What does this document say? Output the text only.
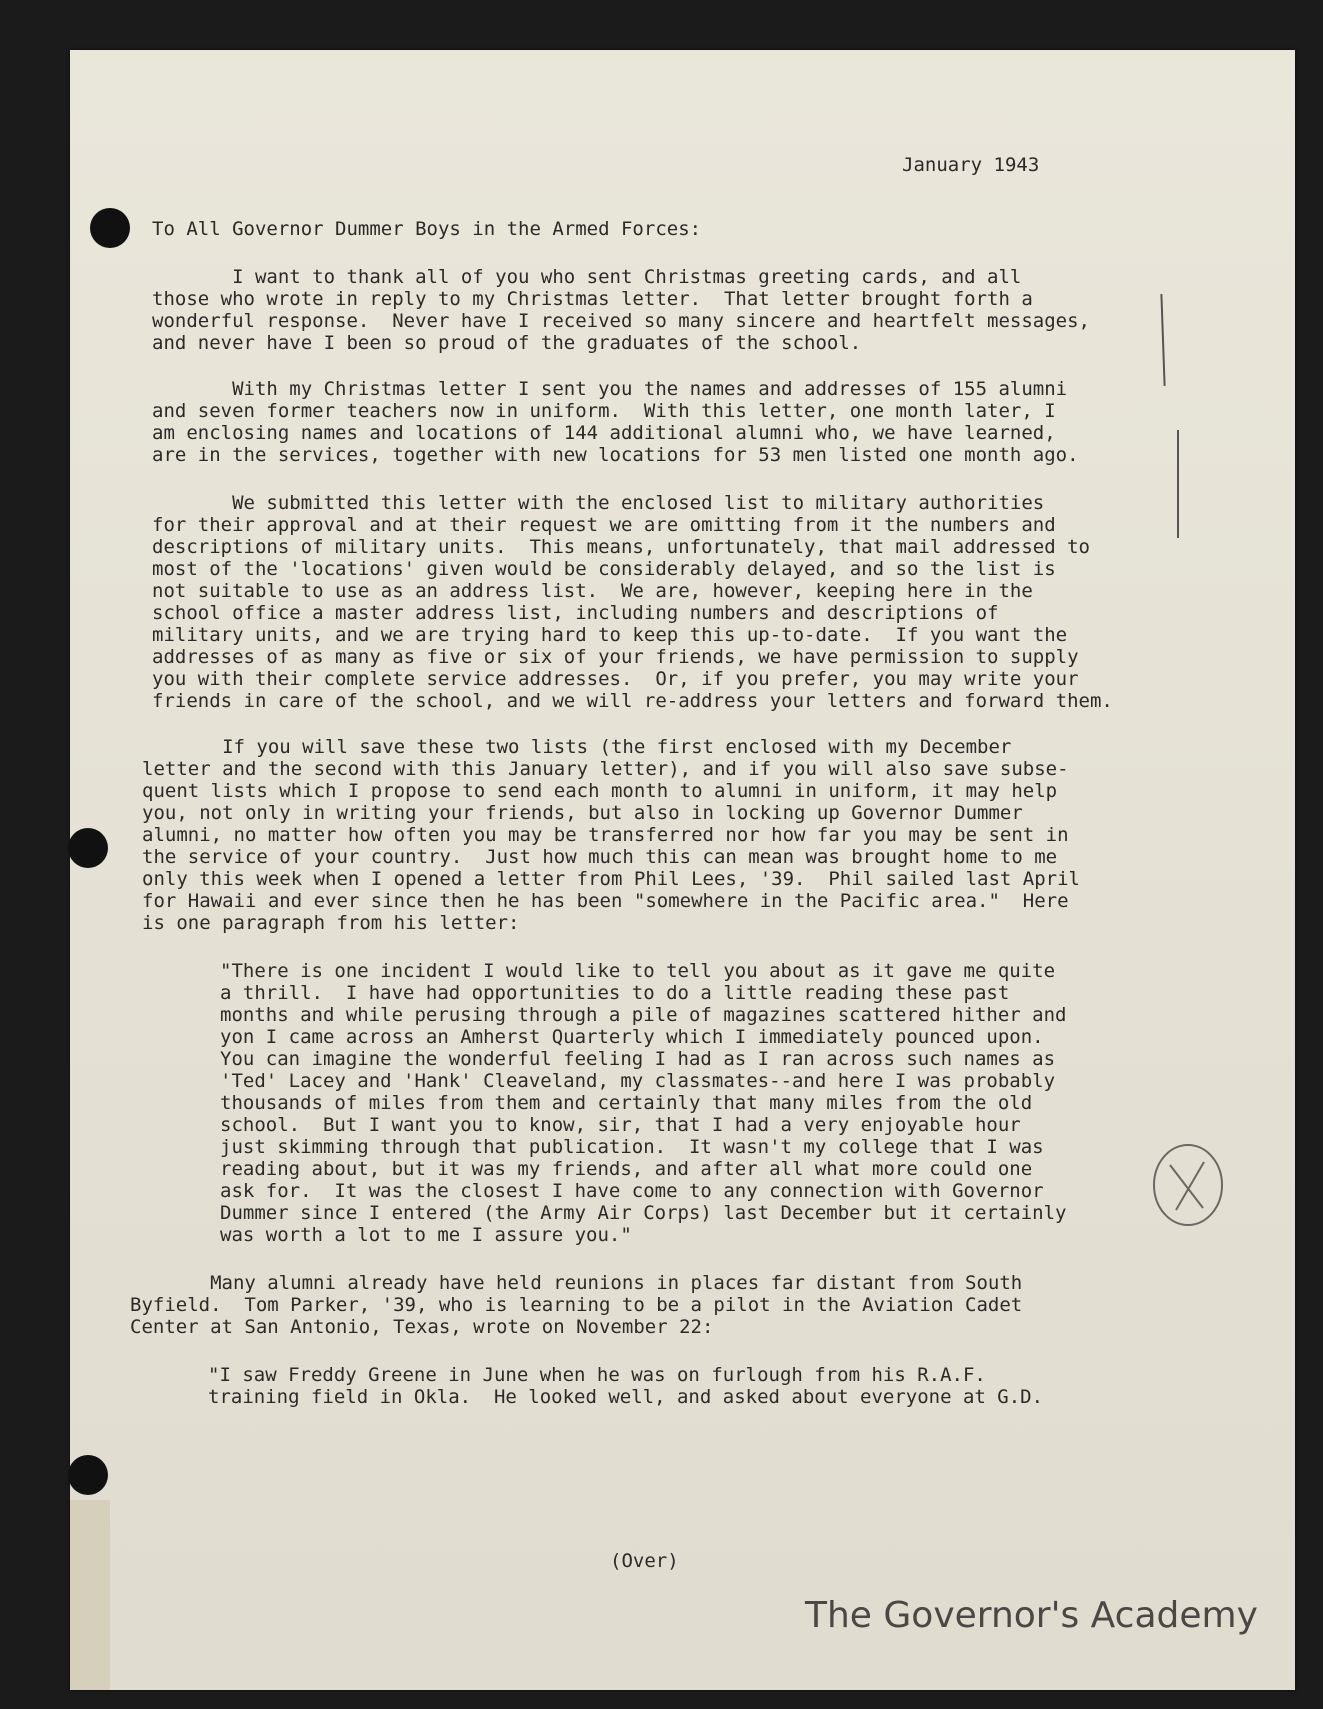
January 1943
To All Governor Dummer Boys in the Armed Forces:
I want to thank all of you who sent Christmas greeting cards, and all
those who wrote in reply to my Christmas letter.  That letter brought forth a
wonderful response.  Never have I received so many sincere and heartfelt messages,
and never have I been so proud of the graduates of the school.
With my Christmas letter I sent you the names and addresses of 155 alumni
and seven former teachers now in uniform.  With this letter, one month later, I
am enclosing names and locations of 144 additional alumni who, we have learned,
are in the services, together with new locations for 53 men listed one month ago.
We submitted this letter with the enclosed list to military authorities
for their approval and at their request we are omitting from it the numbers and
descriptions of military units.  This means, unfortunately, that mail addressed to
most of the 'locations' given would be considerably delayed, and so the list is
not suitable to use as an address list.  We are, however, keeping here in the
school office a master address list, including numbers and descriptions of
military units, and we are trying hard to keep this up-to-date.  If you want the
addresses of as many as five or six of your friends, we have permission to supply
you with their complete service addresses.  Or, if you prefer, you may write your
friends in care of the school, and we will re-address your letters and forward them.
If you will save these two lists (the first enclosed with my December
letter and the second with this January letter), and if you will also save subse-
quent lists which I propose to send each month to alumni in uniform, it may help
you, not only in writing your friends, but also in locking up Governor Dummer
alumni, no matter how often you may be transferred nor how far you may be sent in
the service of your country.  Just how much this can mean was brought home to me
only this week when I opened a letter from Phil Lees, '39.  Phil sailed last April
for Hawaii and ever since then he has been "somewhere in the Pacific area."  Here
is one paragraph from his letter:
"There is one incident I would like to tell you about as it gave me quite
a thrill.  I have had opportunities to do a little reading these past
months and while perusing through a pile of magazines scattered hither and
yon I came across an Amherst Quarterly which I immediately pounced upon.
You can imagine the wonderful feeling I had as I ran across such names as
'Ted' Lacey and 'Hank' Cleaveland, my classmates--and here I was probably
thousands of miles from them and certainly that many miles from the old
school.  But I want you to know, sir, that I had a very enjoyable hour
just skimming through that publication.  It wasn't my college that I was
reading about, but it was my friends, and after all what more could one
ask for.  It was the closest I have come to any connection with Governor
Dummer since I entered (the Army Air Corps) last December but it certainly
was worth a lot to me I assure you."
Many alumni already have held reunions in places far distant from South
Byfield.  Tom Parker, '39, who is learning to be a pilot in the Aviation Cadet
Center at San Antonio, Texas, wrote on November 22:
"I saw Freddy Greene in June when he was on furlough from his R.A.F.
training field in Okla.  He looked well, and asked about everyone at G.D.
(Over)
The Governor's Academy
